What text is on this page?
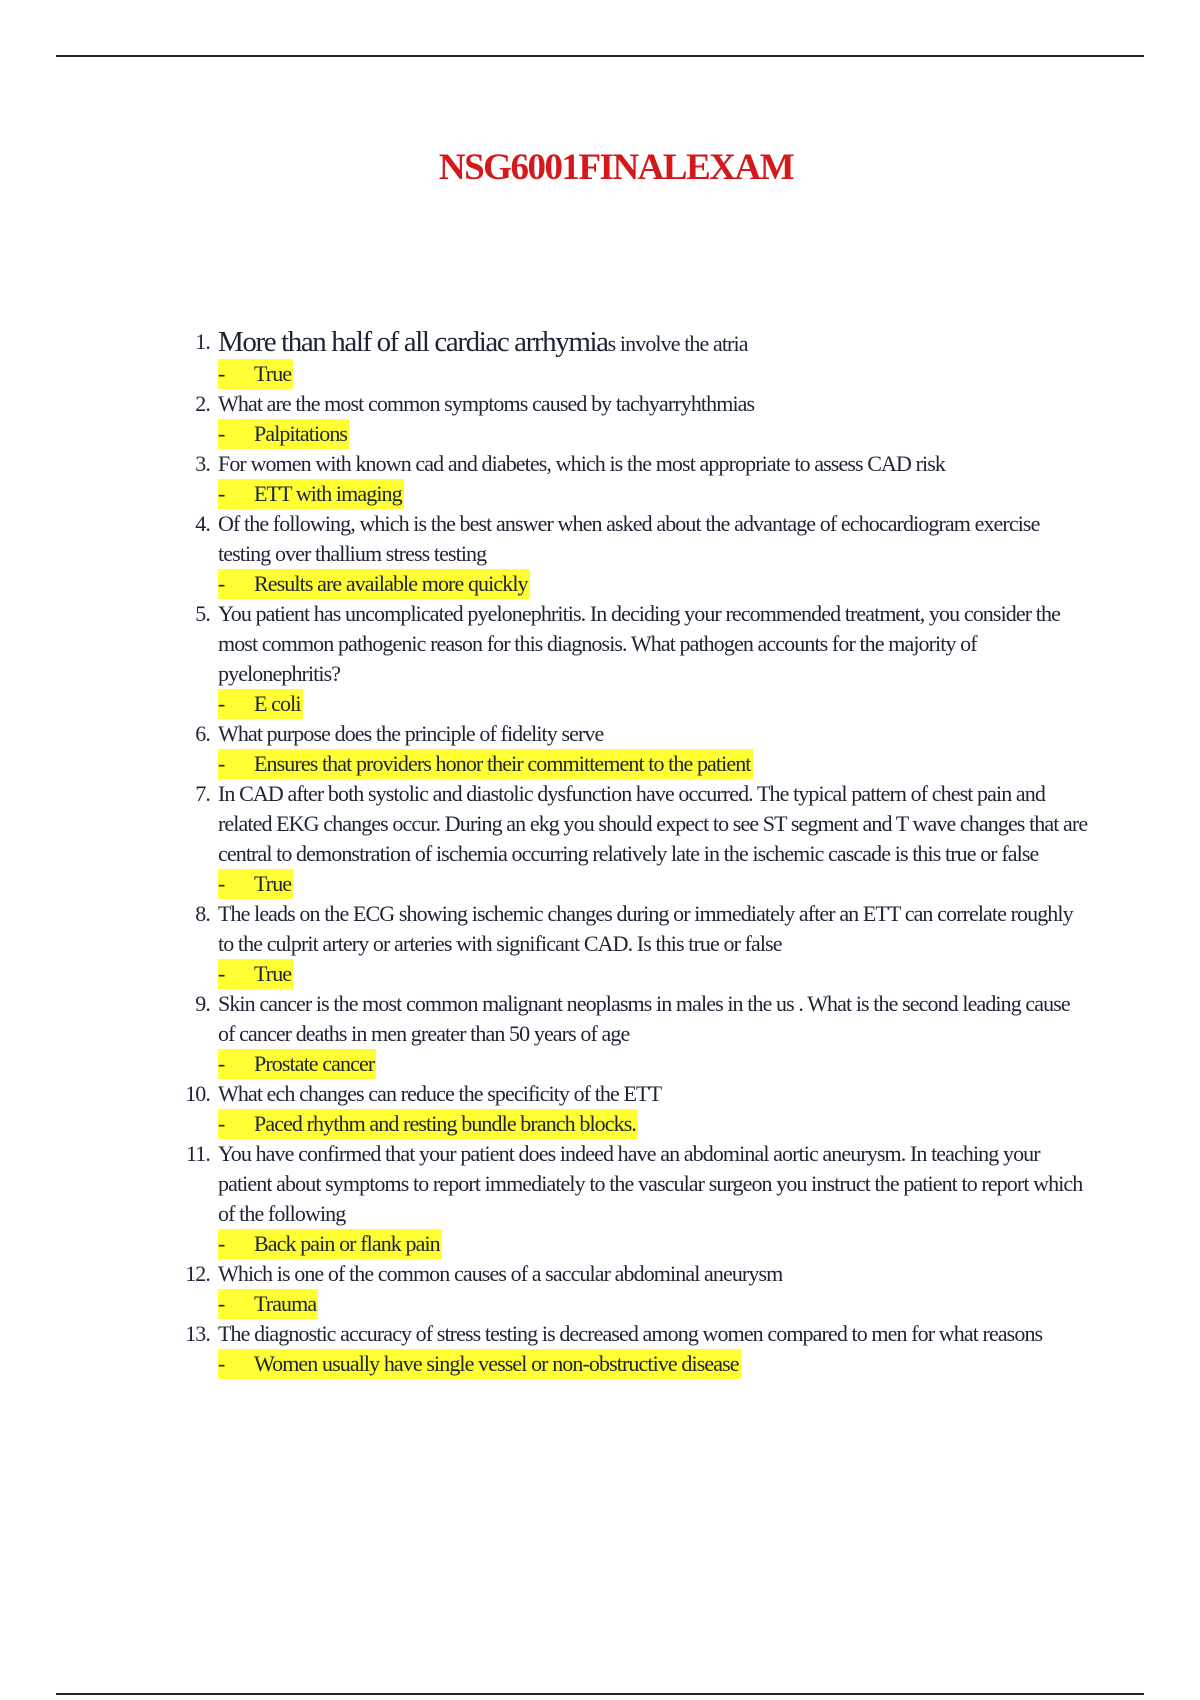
NSG6001FINALEXAM
1. More than half of all cardiac arrhymias involve the atria
- True
2. What are the most common symptoms caused by tachyarryhthmias
- Palpitations
3. For women with known cad and diabetes, which is the most appropriate to assess CAD risk
- ETT with imaging
4. Of the following, which is the best answer when asked about the advantage of echocardiogram exercise testing over thallium stress testing
- Results are available more quickly
5. You patient has uncomplicated pyelonephritis. In deciding your recommended treatment, you consider the most common pathogenic reason for this diagnosis. What pathogen accounts for the majority of pyelonephritis?
- E coli
6. What purpose does the principle of fidelity serve
- Ensures that providers honor their committement to the patient
7. In CAD after both systolic and diastolic dysfunction have occurred. The typical pattern of chest pain and related EKG changes occur. During an ekg you should expect to see ST segment and T wave changes that are central to demonstration of ischemia occurring relatively late in the ischemic cascade is this true or false
- True
8. The leads on the ECG showing ischemic changes during or immediately after an ETT can correlate roughly to the culprit artery or arteries with significant CAD. Is this true or false
- True
9. Skin cancer is the most common malignant neoplasms in males in the us . What is the second leading cause of cancer deaths in men greater than 50 years of age
- Prostate cancer
10. What ech changes can reduce the specificity of the ETT
- Paced rhythm and resting bundle branch blocks.
11. You have confirmed that your patient does indeed have an abdominal aortic aneurysm. In teaching your patient about symptoms to report immediately to the vascular surgeon you instruct the patient to report which of the following
- Back pain or flank pain
12. Which is one of the common causes of a saccular abdominal aneurysm
- Trauma
13. The diagnostic accuracy of stress testing is decreased among women compared to men for what reasons
- Women usually have single vessel or non-obstructive disease
